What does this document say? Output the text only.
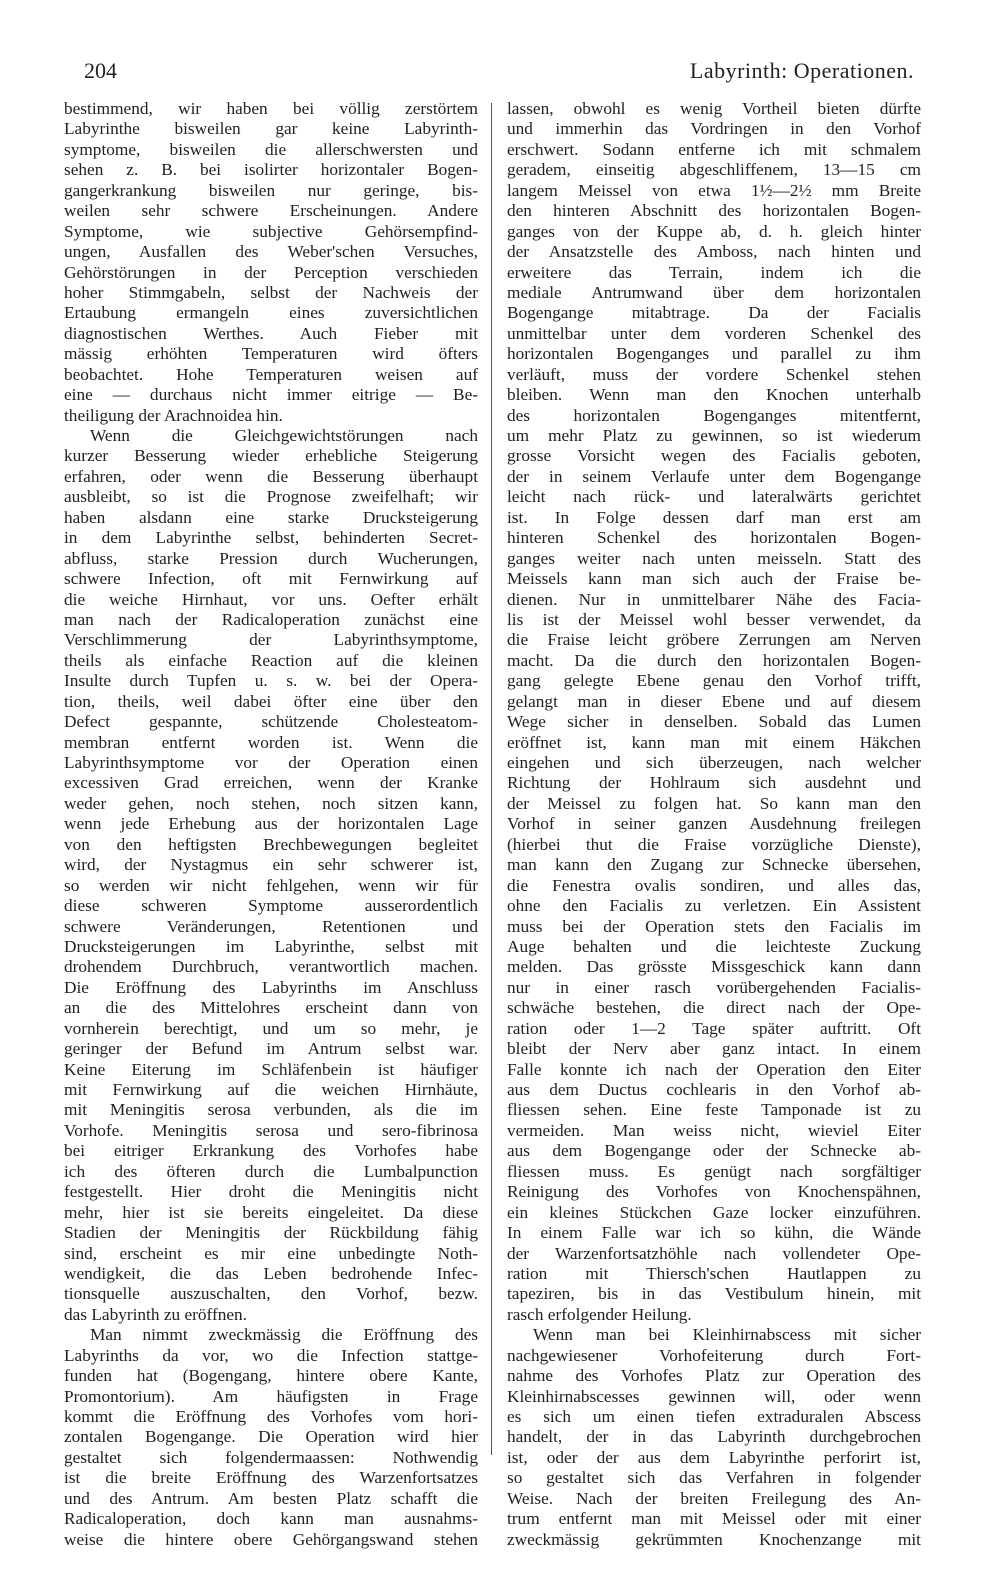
204	Labyrinth: Operationen.
bestimmend, wir haben bei völlig zerstörtem
Labyrinthe bisweilen gar keine Labyrinth-
symptome, bisweilen die allerschwersten und
sehen z. B. bei isolirter horizontaler Bogen-
gangerkrankung bisweilen nur geringe, bis-
weilen sehr schwere Erscheinungen. Andere
Symptome, wie subjective Gehörsempfind-
ungen, Ausfallen des Weber'schen Versuches,
Gehörstörungen in der Perception verschieden
hoher Stimmgabeln, selbst der Nachweis der
Ertaubung ermangeln eines zuversichtlichen
diagnostischen Werthes. Auch Fieber mit
mässig erhöhten Temperaturen wird öfters
beobachtet. Hohe Temperaturen weisen auf
eine — durchaus nicht immer eitrige — Be-
theiligung der Arachnoidea hin.
Wenn die Gleichgewichtstörungen nach
kurzer Besserung wieder erhebliche Steigerung
erfahren, oder wenn die Besserung überhaupt
ausbleibt, so ist die Prognose zweifelhaft; wir
haben alsdann eine starke Drucksteigerung
in dem Labyrinthe selbst, behinderten Secret-
abfluss, starke Pression durch Wucherungen,
schwere Infection, oft mit Fernwirkung auf
die weiche Hirnhaut, vor uns. Oefter erhält
man nach der Radicaloperation zunächst eine
Verschlimmerung der Labyrinthsymptome,
theils als einfache Reaction auf die kleinen
Insulte durch Tupfen u. s. w. bei der Opera-
tion, theils, weil dabei öfter eine über den
Defect gespannte, schützende Cholesteatom-
membran entfernt worden ist. Wenn die
Labyrinthsymptome vor der Operation einen
excessiven Grad erreichen, wenn der Kranke
weder gehen, noch stehen, noch sitzen kann,
wenn jede Erhebung aus der horizontalen Lage
von den heftigsten Brechbewegungen begleitet
wird, der Nystagmus ein sehr schwerer ist,
so werden wir nicht fehlgehen, wenn wir für
diese schweren Symptome ausserordentlich
schwere Veränderungen, Retentionen und
Drucksteigerungen im Labyrinthe, selbst mit
drohendem Durchbruch, verantwortlich machen.
Die Eröffnung des Labyrinths im Anschluss
an die des Mittelohres erscheint dann von
vornherein berechtigt, und um so mehr, je
geringer der Befund im Antrum selbst war.
Keine Eiterung im Schläfenbein ist häufiger
mit Fernwirkung auf die weichen Hirnhäute,
mit Meningitis serosa verbunden, als die im
Vorhofe. Meningitis serosa und sero-fibrinosa
bei eitriger Erkrankung des Vorhofes habe
ich des öfteren durch die Lumbalpunction
festgestellt. Hier droht die Meningitis nicht
mehr, hier ist sie bereits eingeleitet. Da diese
Stadien der Meningitis der Rückbildung fähig
sind, erscheint es mir eine unbedingte Noth-
wendigkeit, die das Leben bedrohende Infec-
tionsquelle auszuschalten, den Vorhof, bezw.
das Labyrinth zu eröffnen.
Man nimmt zweckmässig die Eröffnung des
Labyrinths da vor, wo die Infection stattge-
funden hat (Bogengang, hintere obere Kante,
Promontorium). Am häufigsten in Frage
kommt die Eröffnung des Vorhofes vom hori-
zontalen Bogengange. Die Operation wird hier
gestaltet sich folgendermaassen: Nothwendig
ist die breite Eröffnung des Warzenfortsatzes
und des Antrum. Am besten Platz schafft die
Radicaloperation, doch kann man ausnahms-
weise die hintere obere Gehörgangswand stehen
lassen, obwohl es wenig Vortheil bieten dürfte
und immerhin das Vordringen in den Vorhof
erschwert. Sodann entferne ich mit schmalem
geradem, einseitig abgeschliffenem, 13—15 cm
langem Meissel von etwa 1½—2½ mm Breite
den hinteren Abschnitt des horizontalen Bogen-
ganges von der Kuppe ab, d. h. gleich hinter
der Ansatzstelle des Amboss, nach hinten und
erweitere das Terrain, indem ich die
mediale Antrumwand über dem horizontalen
Bogengange mitabtrage. Da der Facialis
unmittelbar unter dem vorderen Schenkel des
horizontalen Bogenganges und parallel zu ihm
verläuft, muss der vordere Schenkel stehen
bleiben. Wenn man den Knochen unterhalb
des horizontalen Bogenganges mitentfernt,
um mehr Platz zu gewinnen, so ist wiederum
grosse Vorsicht wegen des Facialis geboten,
der in seinem Verlaufe unter dem Bogengange
leicht nach rück- und lateralwärts gerichtet
ist. In Folge dessen darf man erst am
hinteren Schenkel des horizontalen Bogen-
ganges weiter nach unten meisseln. Statt des
Meissels kann man sich auch der Fraise be-
dienen. Nur in unmittelbarer Nähe des Facia-
lis ist der Meissel wohl besser verwendet, da
die Fraise leicht gröbere Zerrungen am Nerven
macht. Da die durch den horizontalen Bogen-
gang gelegte Ebene genau den Vorhof trifft,
gelangt man in dieser Ebene und auf diesem
Wege sicher in denselben. Sobald das Lumen
eröffnet ist, kann man mit einem Häkchen
eingehen und sich überzeugen, nach welcher
Richtung der Hohlraum sich ausdehnt und
der Meissel zu folgen hat. So kann man den
Vorhof in seiner ganzen Ausdehnung freilegen
(hierbei thut die Fraise vorzügliche Dienste),
man kann den Zugang zur Schnecke übersehen,
die Fenestra ovalis sondiren, und alles das,
ohne den Facialis zu verletzen. Ein Assistent
muss bei der Operation stets den Facialis im
Auge behalten und die leichteste Zuckung
melden. Das grösste Missgeschick kann dann
nur in einer rasch vorübergehenden Facialis-
schwäche bestehen, die direct nach der Ope-
ration oder 1—2 Tage später auftritt. Oft
bleibt der Nerv aber ganz intact. In einem
Falle konnte ich nach der Operation den Eiter
aus dem Ductus cochlearis in den Vorhof ab-
fliessen sehen. Eine feste Tamponade ist zu
vermeiden. Man weiss nicht, wieviel Eiter
aus dem Bogengange oder der Schnecke ab-
fliessen muss. Es genügt nach sorgfältiger
Reinigung des Vorhofes von Knochenspähnen,
ein kleines Stückchen Gaze locker einzuführen.
In einem Falle war ich so kühn, die Wände
der Warzenfortsatzhöhle nach vollendeter Ope-
ration mit Thiersch'schen Hautlappen zu
tapeziren, bis in das Vestibulum hinein, mit
rasch erfolgender Heilung.
Wenn man bei Kleinhirnabscess mit sicher
nachgewiesener Vorhofeiterung durch Fort-
nahme des Vorhofes Platz zur Operation des
Kleinhirnabscesses gewinnen will, oder wenn
es sich um einen tiefen extraduralen Abscess
handelt, der in das Labyrinth durchgebrochen
ist, oder der aus dem Labyrinthe perforirt ist,
so gestaltet sich das Verfahren in folgender
Weise. Nach der breiten Freilegung des An-
trum entfernt man mit Meissel oder mit einer
zweckmässig gekrümmten Knochenzange mit
